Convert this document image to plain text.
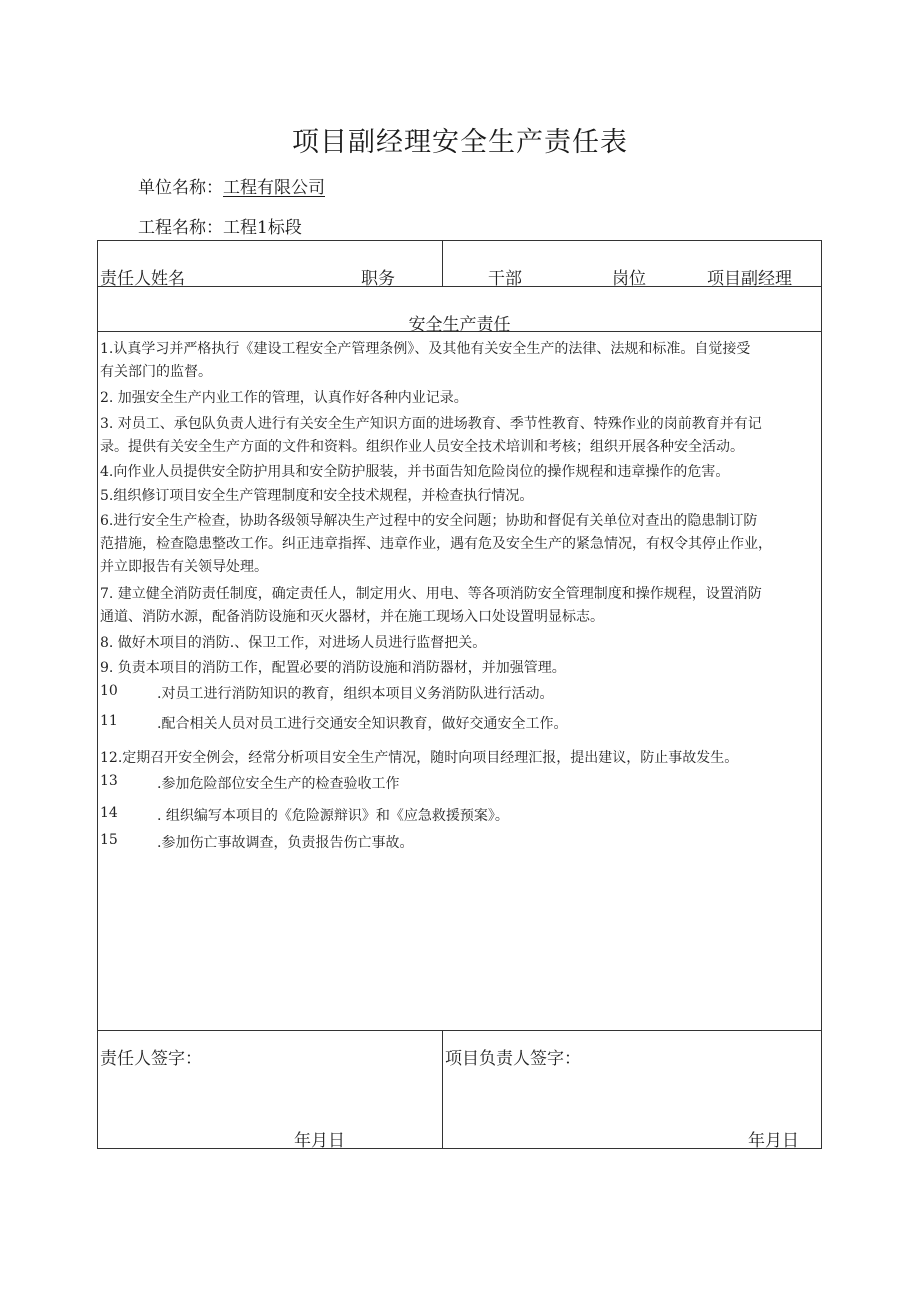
项目副经理安全生产责任表
单位名称：工程有限公司
工程名称：工程1标段
责任人姓名	职务	干部	岗位	项目副经理
安全生产责任
1.认真学习并严格执行《建设工程安全产管理条例》、及其他有关安全生产的法律、法规和标准。自觉接受
有关部门的监督。
2. 加强安全生产内业工作的管理，认真作好各种内业记录。
3. 对员工、承包队负责人进行有关安全生产知识方面的进场教育、季节性教育、特殊作业的岗前教育并有记
录。提供有关安全生产方面的文件和资料。组织作业人员安全技术培训和考核；组织开展各种安全活动。
4.向作业人员提供安全防护用具和安全防护服装，并书面告知危险岗位的操作规程和违章操作的危害。
5.组织修订项目安全生产管理制度和安全技术规程，并检查执行情况。
6.进行安全生产检查，协助各级领导解决生产过程中的安全问题；协助和督促有关单位对查出的隐患制订防
范措施，检查隐患整改工作。纠正违章指挥、违章作业，遇有危及安全生产的紧急情况，有权令其停止作业，
并立即报告有关领导处理。
7. 建立健全消防责任制度，确定责任人，制定用火、用电、等各项消防安全管理制度和操作规程，设置消防
通道、消防水源，配备消防设施和灭火器材，并在施工现场入口处设置明显标志。
8. 做好木项目的消防.、保卫工作，对进场人员进行监督把关。
9. 负责本项目的消防工作，配置必要的消防设施和消防器材，并加强管理。
10	.对员工进行消防知识的教育，组织本项目义务消防队进行活动。
11	.配合相关人员对员工进行交通安全知识教育，做好交通安全工作。
12.定期召开安全例会，经常分析项目安全生产情况，随时向项目经理汇报，提出建议，防止事故发生。
13	.参加危险部位安全生产的检查验收工作
14	. 组织编写本项目的《危险源辩识》和《应急救援预案》。
15	.参加伤亡事故调查，负责报告伤亡事故。
责任人签字：
年月日
项目负责人签字：
年月日
